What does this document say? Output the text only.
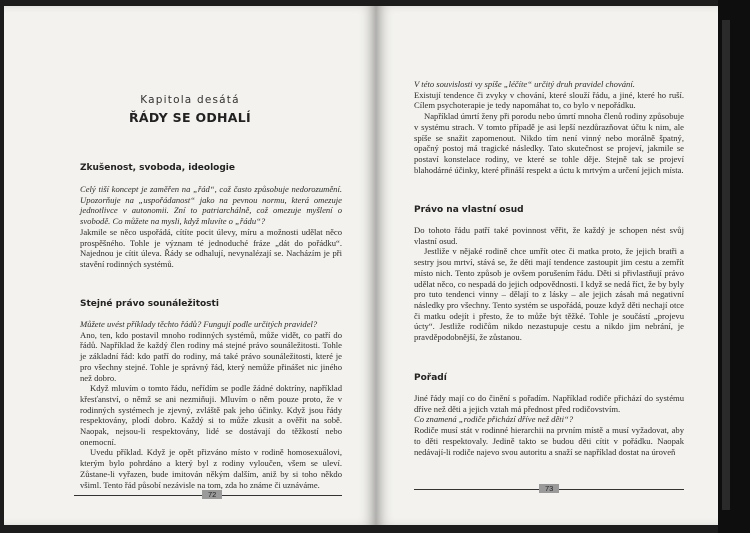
Kapitola desátá
ŘÁDY SE ODHALÍ
Zkušenost, svoboda, ideologie

Celý tiší koncept je zaměřen na „řád“, což často způsobuje nedorozumění. Upozorňuje na „uspořádanost“ jako na pevnou normu, která omezuje jednotlivce v autonomii. Zní to patriarchálně, což omezuje myšlení o svobodě. Co můžete na mysli, když mluvíte o „řádu“?

Jakmile se něco uspořádá, cítíte pocit úlevy, míru a možnosti udělat něco prospěšného. Tohle je význam té jednoduché fráze „dát do pořádku“. Najednou je cítit úleva. Řády se odhalují, nevynalézají se. Nacházím je při stavění rodinných systémů.

Stejné právo sounáležitosti

Můžete uvést příklady těchto řádů? Fungují podle určitých pravidel?

Ano, ten, kdo postavil mnoho rodinných systémů, může vidět, co patří do řádů. Například že každý člen rodiny má stejné právo sounáležitosti. Tohle je základní řád: kdo patří do rodiny, má také právo sounáležitosti, které je pro všechny stejné. Tohle je správný řád, který nemůže přinášet nic jiného než dobro.

Když mluvím o tomto řádu, neřídím se podle žádné doktríny, například křesťanství, o němž se ani nezmiňuji. Mluvím o něm pouze proto, že v rodinných systémech je zjevný, zvláště pak jeho účinky. Když jsou řády respektovány, plodí dobro. Každý si to může zkusit a ověřit na sobě. Naopak, nejsou-li respektovány, lidé se dostávají do těžkostí nebo onemocní.

Uvedu příklad. Když je opět přizváno místo v rodině homosexuálovi, kterým bylo pohrdáno a který byl z rodiny vyloučen, všem se uleví. Zůstane-li vyřazen, bude imitován někým dalším, aniž by si toho někdo všiml. Tento řád působí nezávisle na tom, zda ho známe či uznáváme.

72

V této souvislosti vy spíše „léčíte“ určitý druh pravidel chování.

Existují tendence či zvyky v chování, které slouží řádu, a jiné, které ho ruší. Cílem psychoterapie je tedy napomáhat to, co bylo v nepořádku.

Například úmrtí ženy při porodu nebo úmrtí mnoha členů rodiny způsobuje v systému strach. V tomto případě je asi lepší nezdůrazňovat účtu k nim, ale spíše se snažit zapomenout. Nikdo tím není vinný nebo morálně špatný, opačný postoj má tragické následky. Tato skutečnost se projeví, jakmile se postaví konstelace rodiny, ve které se tohle děje. Stejně tak se projeví blahodárné účinky, které přináší respekt a úctu k mrtvým a určení jejich místa.

Právo na vlastní osud

Do tohoto řádu patří také povinnost věřit, že každý je schopen nést svůj vlastní osud.

Jestliže v nějaké rodině chce umřít otec či matka proto, že jejich bratři a sestry jsou mrtví, stává se, že děti mají tendence zastoupit jim cestu a zemřít místo nich. Tento způsob je ovšem porušením řádu. Děti si přivlastňují právo udělat něco, co nespadá do jejich odpovědnosti. I když se nedá říct, že by byly pro tuto tendenci vinny – dělají to z lásky – ale jejich zásah má negativní následky pro všechny. Tento systém se uspořádá, pouze když děti nechají otce či matku odejít i přesto, že to může být těžké. Tohle je součástí „projevu úcty“. Jestliže rodičům nikdo nezastupuje cestu a nikdo jim nebrání, je pravděpodobnější, že zůstanou.

Pořadí

Jiné řády mají co do činění s pořadím. Například rodiče přichází do systému dříve než děti a jejich vztah má přednost před rodičovstvím.

Co znamená „rodiče přichází dříve než děti“?

Rodiče musí stát v rodinné hierarchii na prvním místě a musí vyžadovat, aby to děti respektovaly. Jedině takto se budou děti cítit v pořádku. Naopak nedávají-li rodiče najevo svou autoritu a snaží se například dostat na úroveň

73
